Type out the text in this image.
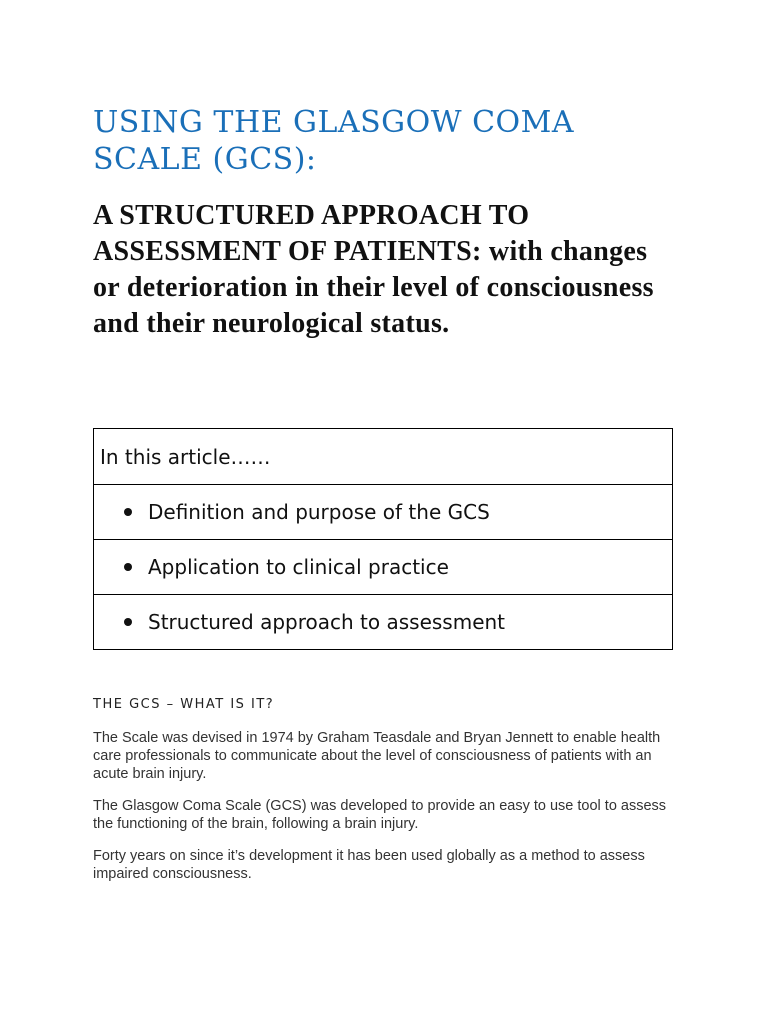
USING THE GLASGOW COMA SCALE (GCS):
A STRUCTURED APPROACH TO ASSESSMENT OF PATIENTS: with changes or deterioration in their level of consciousness and their neurological status.
In this article……
Definition and purpose of the GCS
Application to clinical practice
Structured approach to assessment
THE GCS – WHAT IS IT?

The Scale was devised in 1974 by Graham Teasdale and Bryan Jennett to enable health care professionals to communicate about the level of consciousness of patients with an acute brain injury.

The Glasgow Coma Scale (GCS) was developed to provide an easy to use tool to assess the functioning of the brain, following a brain injury.

Forty years on since it’s development it has been used globally as a method to assess impaired consciousness.
